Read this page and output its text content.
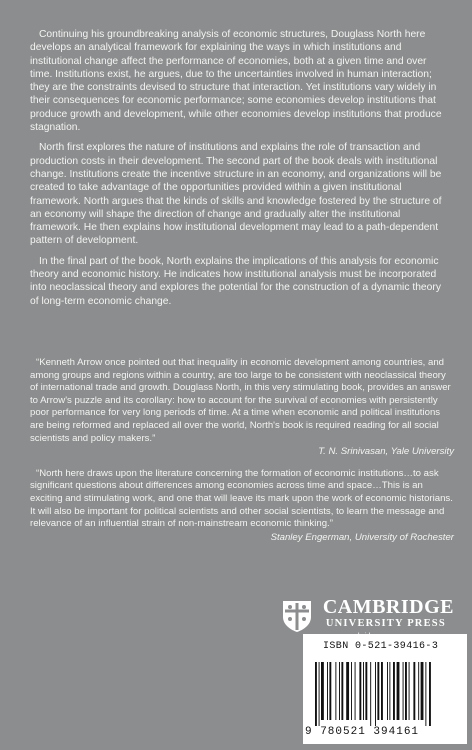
Continuing his groundbreaking analysis of economic structures, Douglass North here develops an analytical framework for explaining the ways in which institutions and institutional change affect the performance of economies, both at a given time and over time. Institutions exist, he argues, due to the uncertainties involved in human interaction; they are the constraints devised to structure that interaction. Yet institutions vary widely in their consequences for economic performance; some economies develop institutions that produce growth and development, while other economies develop institutions that produce stagnation.

North first explores the nature of institutions and explains the role of transaction and production costs in their development. The second part of the book deals with institutional change. Institutions create the incentive structure in an economy, and organizations will be created to take advantage of the opportunities provided within a given institutional framework. North argues that the kinds of skills and knowledge fostered by the structure of an economy will shape the direction of change and gradually alter the institutional framework. He then explains how institutional development may lead to a path-dependent pattern of development.

In the final part of the book, North explains the implications of this analysis for economic theory and economic history. He indicates how institutional analysis must be incorporated into neoclassical theory and explores the potential for the construction of a dynamic theory of long-term economic change.

“Kenneth Arrow once pointed out that inequality in economic development among countries, and among groups and regions within a country, are too large to be consistent with neoclassical theory of international trade and growth. Douglass North, in this very stimulating book, provides an answer to Arrow's puzzle and its corollary: how to account for the survival of economies with persistently poor performance for very long periods of time. At a time when economic and political institutions are being reformed and replaced all over the world, North's book is required reading for all social scientists and policy makers.”
T. N. Srinivasan, Yale University
“North here draws upon the literature concerning the formation of economic institutions…to ask significant questions about differences among economies across time and space…This is an exciting and stimulating work, and one that will leave its mark upon the work of economic historians. It will also be important for political scientists and other social scientists, to learn the message and relevance of an influential strain of non-mainstream economic thinking.”
Stanley Engerman, University of Rochester
CAMBRIDGE
UNIVERSITY PRESS
ISBN 0-521-39416-3
9 780521 394161
